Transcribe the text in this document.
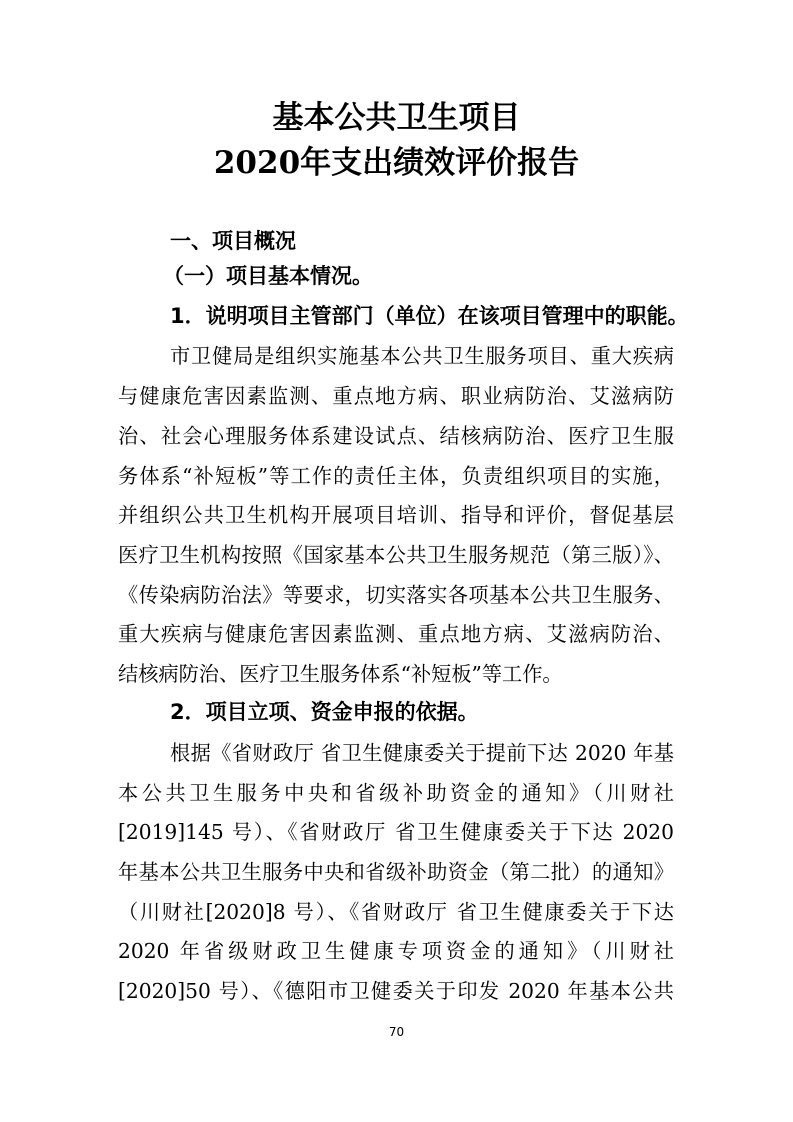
基本公共卫生项目
2020年支出绩效评价报告
一、项目概况
（一）项目基本情况。
1．说明项目主管部门（单位）在该项目管理中的职能。
市卫健局是组织实施基本公共卫生服务项目、重大疾病
与健康危害因素监测、重点地方病、职业病防治、艾滋病防
治、社会心理服务体系建设试点、结核病防治、医疗卫生服
务体系“补短板”等工作的责任主体，负责组织项目的实施，
并组织公共卫生机构开展项目培训、指导和评价，督促基层
医疗卫生机构按照《国家基本公共卫生服务规范（第三版）》、
《传染病防治法》等要求，切实落实各项基本公共卫生服务、
重大疾病与健康危害因素监测、重点地方病、艾滋病防治、
结核病防治、医疗卫生服务体系“补短板”等工作。
2．项目立项、资金申报的依据。
根据《省财政厅 省卫生健康委关于提前下达 2020 年基
本公共卫生服务中央和省级补助资金的通知》（川财社
[2019]145 号）、《省财政厅 省卫生健康委关于下达 2020
年基本公共卫生服务中央和省级补助资金（第二批）的通知》
（川财社[2020]8 号）、《省财政厅 省卫生健康委关于下达
2020 年省级财政卫生健康专项资金的通知》（川财社
[2020]50 号）、《德阳市卫健委关于印发 2020 年基本公共
70
